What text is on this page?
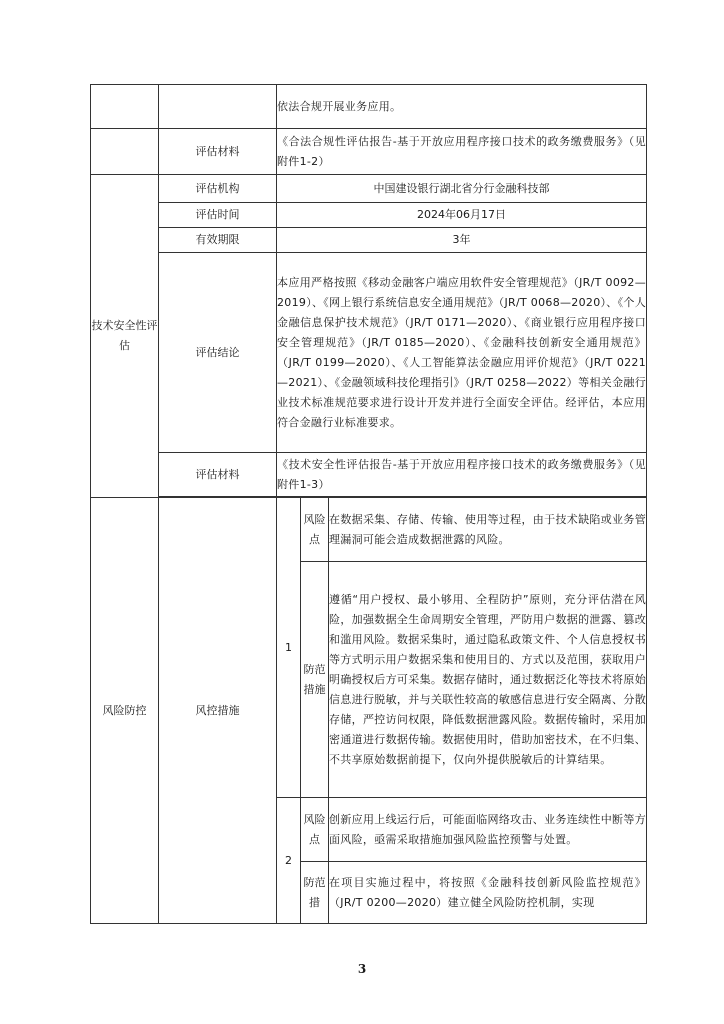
		依法合规开展业务应用。		
	评估材料	《合法合规性评估报告-基于开放应用程序接口技术的政务缴费服务》（见附件1-2）		
技术安全性评估	评估机构	中国建设银行湖北省分行金融科技部		
	评估时间	2024年06月17日		
	有效期限	3年		
	评估结论	本应用严格按照《移动金融客户端应用软件安全管理规范》（JR/T 0092—2019）、《网上银行系统信息安全通用规范》（JR/T 0068—2020）、《个人金融信息保护技术规范》（JR/T 0171—2020）、《商业银行应用程序接口安全管理规范》（JR/T 0185—2020）、《金融科技创新安全通用规范》（JR/T 0199—2020）、《人工智能算法金融应用评价规范》（JR/T 0221—2021）、《金融领域科技伦理指引》（JR/T 0258—2022）等相关金融行业技术标准规范要求进行设计开发并进行全面安全评估。经评估，本应用符合金融行业标准要求。		
	评估材料	《技术安全性评估报告-基于开放应用程序接口技术的政务缴费服务》（见附件1-3）		

风险防控	风控措施	1	风险点	在数据采集、存储、传输、使用等过程，由于技术缺陷或业务管理漏洞可能会造成数据泄露的风险。
			防范措施	遵循“用户授权、最小够用、全程防护”原则，充分评估潜在风险，加强数据全生命周期安全管理，严防用户数据的泄露、篡改和滥用风险。数据采集时，通过隐私政策文件、个人信息授权书等方式明示用户数据采集和使用目的、方式以及范围，获取用户明确授权后方可采集。数据存储时，通过数据泛化等技术将原始信息进行脱敏，并与关联性较高的敏感信息进行安全隔离、分散存储，严控访问权限，降低数据泄露风险。数据传输时，采用加密通道进行数据传输。数据使用时，借助加密技术，在不归集、不共享原始数据前提下，仅向外提供脱敏后的计算结果。
		2	风险点	创新应用上线运行后，可能面临网络攻击、业务连续性中断等方面风险，亟需采取措施加强风险监控预警与处置。
			防范措	在项目实施过程中，将按照《金融科技创新风险监控规范》（JR/T 0200—2020）建立健全风险防控机制，实现
3
